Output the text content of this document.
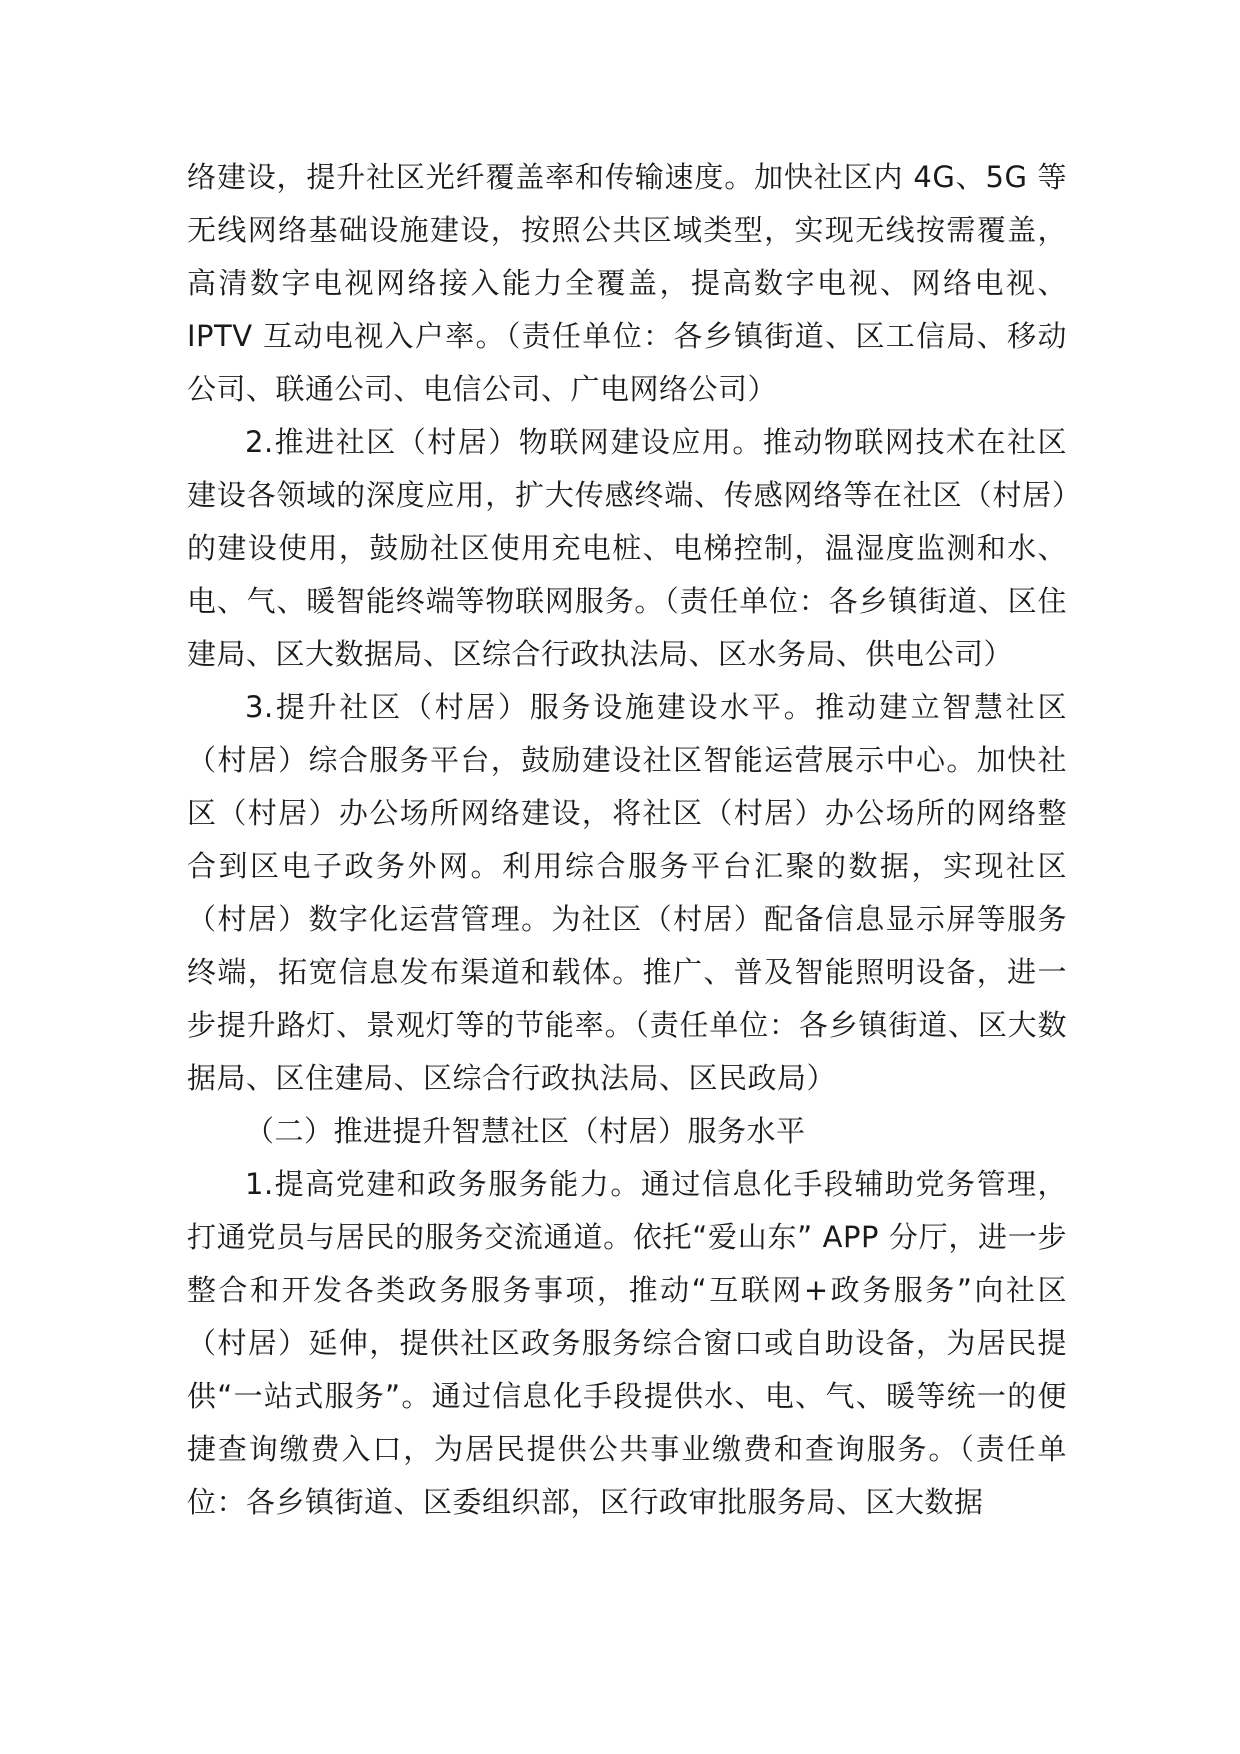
络建设，提升社区光纤覆盖率和传输速度。加快社区内 4G、5G 等无线网络基础设施建设，按照公共区域类型，实现无线按需覆盖，高清数字电视网络接入能力全覆盖，提高数字电视、网络电视、IPTV 互动电视入户率。（责任单位：各乡镇街道、区工信局、移动公司、联通公司、电信公司、广电网络公司）

2.推进社区（村居）物联网建设应用。推动物联网技术在社区建设各领域的深度应用，扩大传感终端、传感网络等在社区（村居）的建设使用，鼓励社区使用充电桩、电梯控制，温湿度监测和水、电、气、暖智能终端等物联网服务。（责任单位：各乡镇街道、区住建局、区大数据局、区综合行政执法局、区水务局、供电公司）

3.提升社区（村居）服务设施建设水平。推动建立智慧社区（村居）综合服务平台，鼓励建设社区智能运营展示中心。加快社区（村居）办公场所网络建设，将社区（村居）办公场所的网络整合到区电子政务外网。利用综合服务平台汇聚的数据，实现社区（村居）数字化运营管理。为社区（村居）配备信息显示屏等服务终端，拓宽信息发布渠道和载体。推广、普及智能照明设备，进一步提升路灯、景观灯等的节能率。（责任单位：各乡镇街道、区大数据局、区住建局、区综合行政执法局、区民政局）

（二）推进提升智慧社区（村居）服务水平

1.提高党建和政务服务能力。通过信息化手段辅助党务管理，打通党员与居民的服务交流通道。依托“爱山东” APP 分厅，进一步整合和开发各类政务服务事项，推动“互联网+政务服务”向社区（村居）延伸，提供社区政务服务综合窗口或自助设备，为居民提供“一站式服务”。通过信息化手段提供水、电、气、暖等统一的便捷查询缴费入口，为居民提供公共事业缴费和查询服务。（责任单位：各乡镇街道、区委组织部，区行政审批服务局、区大数据
